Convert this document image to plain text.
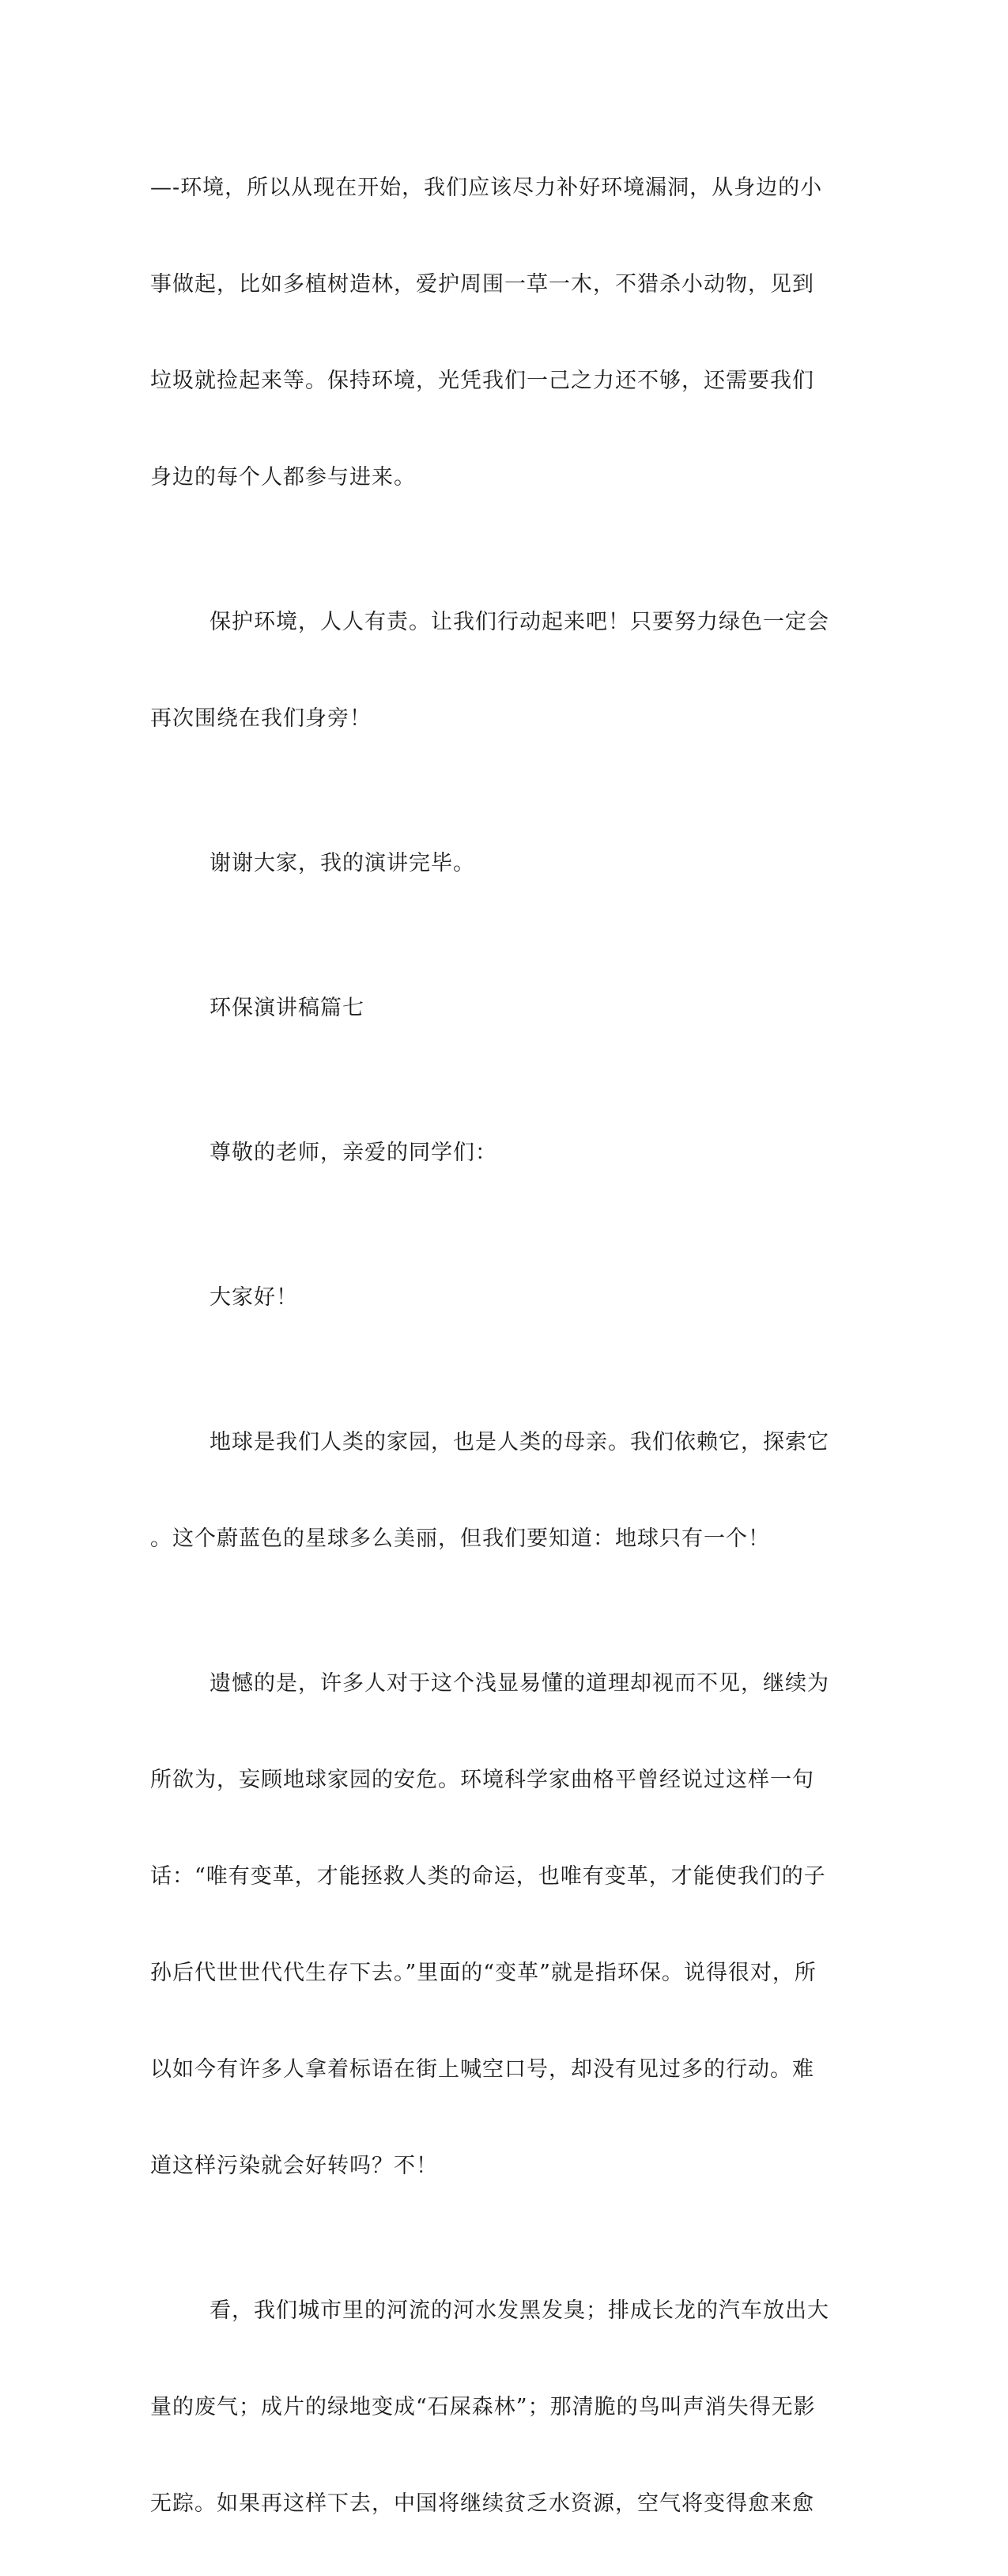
—-环境，所以从现在开始，我们应该尽力补好环境漏洞，从身边的小

事做起，比如多植树造林，爱护周围一草一木，不猎杀小动物，见到

垃圾就捡起来等。保持环境，光凭我们一己之力还不够，还需要我们

身边的每个人都参与进来。

保护环境，人人有责。让我们行动起来吧！只要努力绿色一定会

再次围绕在我们身旁！

谢谢大家，我的演讲完毕。

环保演讲稿篇七

尊敬的老师，亲爱的同学们：

大家好！

地球是我们人类的家园，也是人类的母亲。我们依赖它，探索它

。这个蔚蓝色的星球多么美丽，但我们要知道：地球只有一个！

遗憾的是，许多人对于这个浅显易懂的道理却视而不见，继续为

所欲为，妄顾地球家园的安危。环境科学家曲格平曾经说过这样一句

话：“唯有变革，才能拯救人类的命运，也唯有变革，才能使我们的子

孙后代世世代代生存下去。”里面的“变革”就是指环保。说得很对，所

以如今有许多人拿着标语在街上喊空口号，却没有见过多的行动。难

道这样污染就会好转吗？不！

看，我们城市里的河流的河水发黑发臭；排成长龙的汽车放出大

量的废气；成片的绿地变成“石屎森林”；那清脆的鸟叫声消失得无影

无踪。如果再这样下去，中国将继续贫乏水资源，空气将变得愈来愈
